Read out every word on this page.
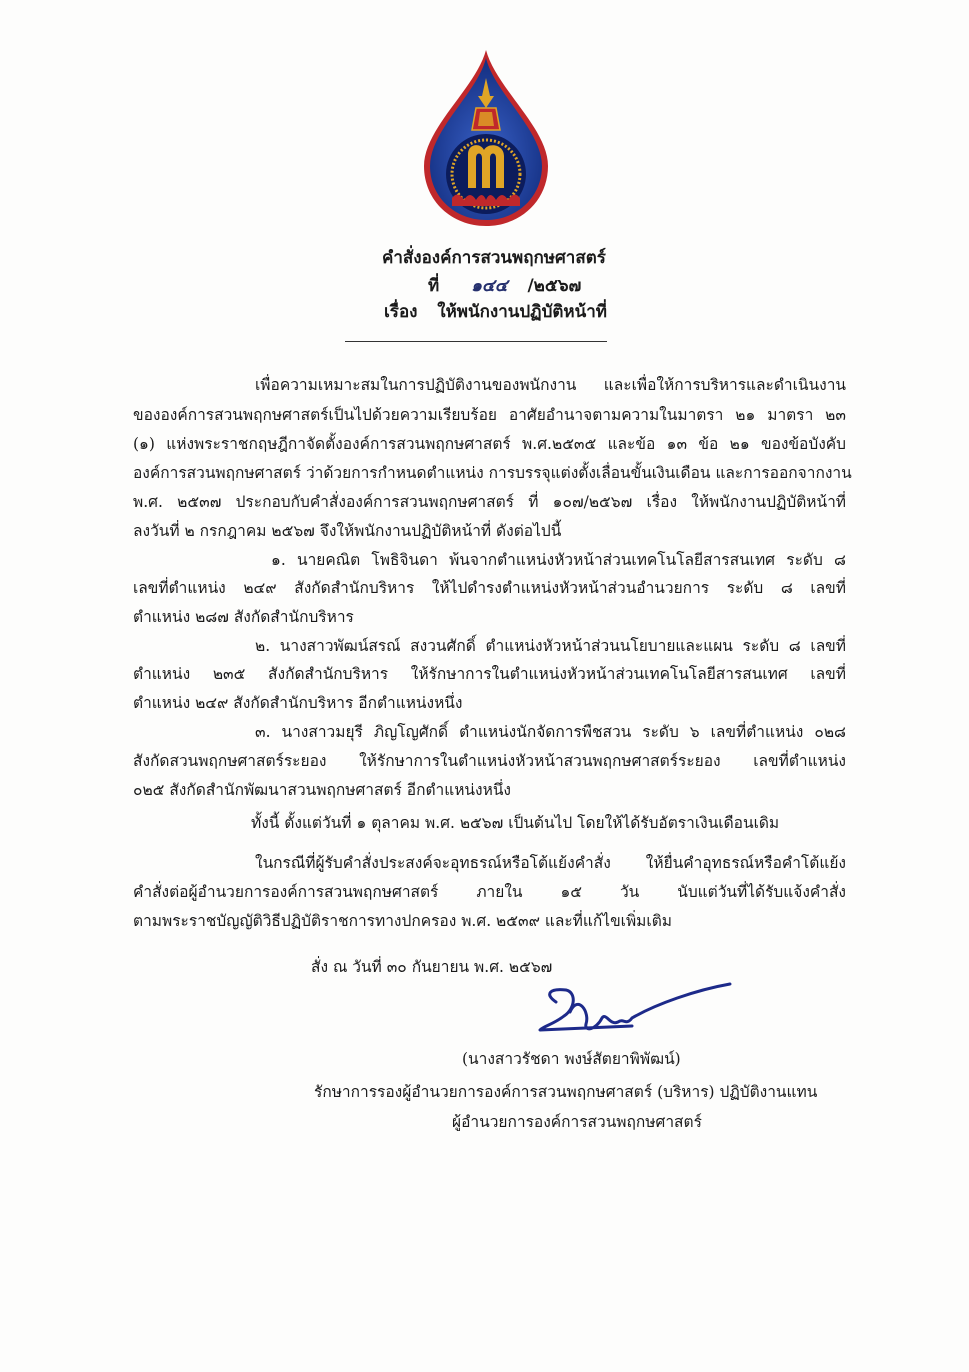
คำสั่งองค์การสวนพฤกษศาสตร์
ที่ ๑๔๔ /๒๕๖๗
เรื่อง ให้พนักงานปฏิบัติหน้าที่
เพื่อความเหมาะสมในการปฏิบัติงานของพนักงาน และเพื่อให้การบริหารและดำเนินงาน
ขององค์การสวนพฤกษศาสตร์เป็นไปด้วยความเรียบร้อย อาศัยอำนาจตามความในมาตรา ๒๑ มาตรา ๒๓
(๑) แห่งพระราชกฤษฎีกาจัดตั้งองค์การสวนพฤกษศาสตร์ พ.ศ.๒๕๓๕ และข้อ ๑๓ ข้อ ๒๑ ของข้อบังคับ
องค์การสวนพฤกษศาสตร์ ว่าด้วยการกำหนดตำแหน่ง การบรรจุแต่งตั้งเลื่อนขั้นเงินเดือน และการออกจากงาน
พ.ศ. ๒๕๓๗ ประกอบกับคำสั่งองค์การสวนพฤกษศาสตร์ ที่ ๑๐๗/๒๕๖๗ เรื่อง ให้พนักงานปฏิบัติหน้าที่
ลงวันที่ ๒ กรกฎาคม ๒๕๖๗ จึงให้พนักงานปฏิบัติหน้าที่ ดังต่อไปนี้
๑. นายคณิต โพธิจินดา พ้นจากตำแหน่งหัวหน้าส่วนเทคโนโลยีสารสนเทศ ระดับ ๘
เลขที่ตำแหน่ง ๒๔๙ สังกัดสำนักบริหาร ให้ไปดำรงตำแหน่งหัวหน้าส่วนอำนวยการ ระดับ ๘ เลขที่
ตำแหน่ง ๒๘๗ สังกัดสำนักบริหาร
๒. นางสาวพัฒน์สรณ์ สงวนศักดิ์ ตำแหน่งหัวหน้าส่วนนโยบายและแผน ระดับ ๘ เลขที่
ตำแหน่ง ๒๓๕ สังกัดสำนักบริหาร ให้รักษาการในตำแหน่งหัวหน้าส่วนเทคโนโลยีสารสนเทศ เลขที่
ตำแหน่ง ๒๔๙ สังกัดสำนักบริหาร อีกตำแหน่งหนึ่ง
๓. นางสาวมยุรี ภิญโญศักดิ์ ตำแหน่งนักจัดการพืชสวน ระดับ ๖ เลขที่ตำแหน่ง ๐๒๘
สังกัดสวนพฤกษศาสตร์ระยอง ให้รักษาการในตำแหน่งหัวหน้าสวนพฤกษศาสตร์ระยอง เลขที่ตำแหน่ง
๐๒๕ สังกัดสำนักพัฒนาสวนพฤกษศาสตร์ อีกตำแหน่งหนึ่ง
ทั้งนี้ ตั้งแต่วันที่ ๑ ตุลาคม พ.ศ. ๒๕๖๗ เป็นต้นไป โดยให้ได้รับอัตราเงินเดือนเดิม
ในกรณีที่ผู้รับคำสั่งประสงค์จะอุทธรณ์หรือโต้แย้งคำสั่ง ให้ยื่นคำอุทธรณ์หรือคำโต้แย้ง
คำสั่งต่อผู้อำนวยการองค์การสวนพฤกษศาสตร์ ภายใน ๑๕ วัน นับแต่วันที่ได้รับแจ้งคำสั่ง
ตามพระราชบัญญัติวิธีปฏิบัติราชการทางปกครอง พ.ศ. ๒๕๓๙ และที่แก้ไขเพิ่มเติม
สั่ง ณ วันที่ ๓๐ กันยายน พ.ศ. ๒๕๖๗
(นางสาวรัชดา พงษ์สัตยาพิพัฒน์)
รักษาการรองผู้อำนวยการองค์การสวนพฤกษศาสตร์ (บริหาร) ปฏิบัติงานแทน
ผู้อำนวยการองค์การสวนพฤกษศาสตร์
